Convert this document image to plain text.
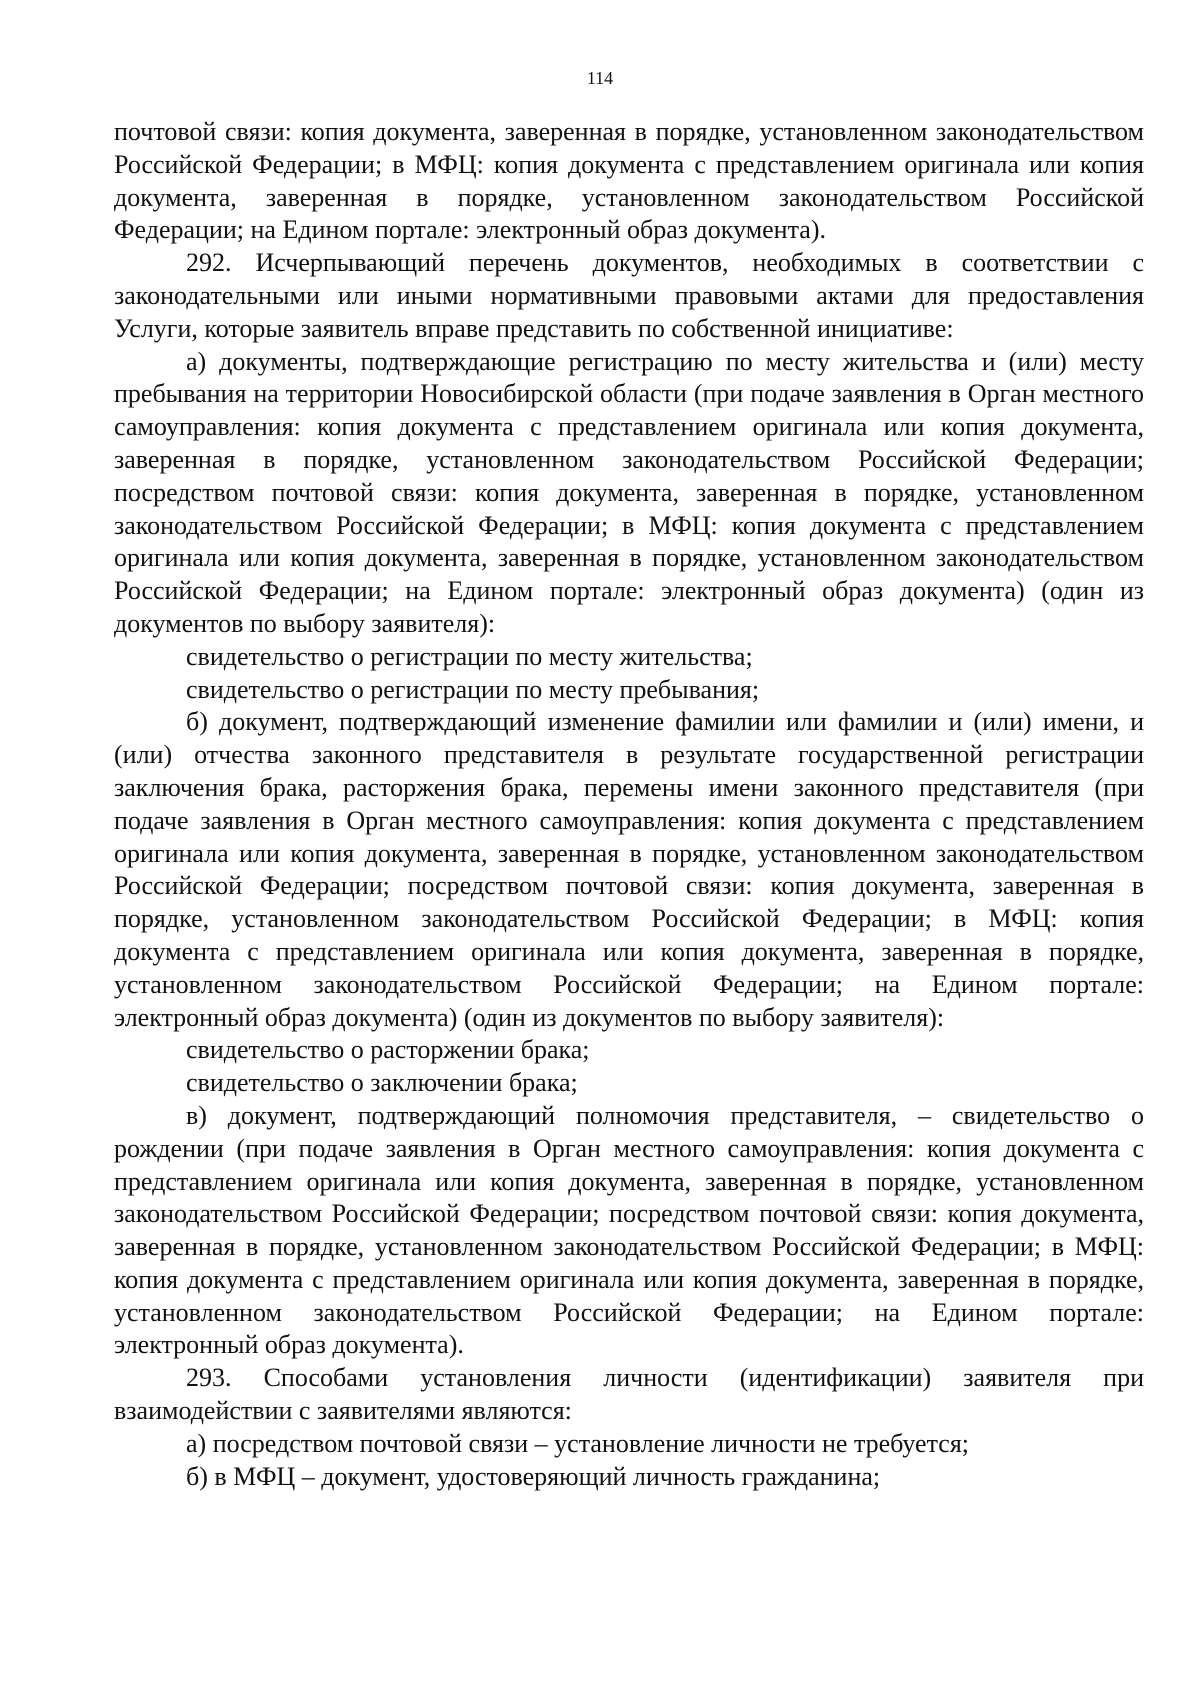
114

почтовой связи: копия документа, заверенная в порядке, установленном законодательством Российской Федерации; в МФЦ: копия документа с представлением оригинала или копия документа, заверенная в порядке, установленном законодательством Российской Федерации; на Едином портале: электронный образ документа).

292. Исчерпывающий перечень документов, необходимых в соответствии с законодательными или иными нормативными правовыми актами для предоставления Услуги, которые заявитель вправе представить по собственной инициативе:

а) документы, подтверждающие регистрацию по месту жительства и (или) месту пребывания на территории Новосибирской области (при подаче заявления в Орган местного самоуправления: копия документа с представлением оригинала или копия документа, заверенная в порядке, установленном законодательством Российской Федерации; посредством почтовой связи: копия документа, заверенная в порядке, установленном законодательством Российской Федерации; в МФЦ: копия документа с представлением оригинала или копия документа, заверенная в порядке, установленном законодательством Российской Федерации; на Едином портале: электронный образ документа) (один из документов по выбору заявителя):

свидетельство о регистрации по месту жительства;

свидетельство о регистрации по месту пребывания;

б) документ, подтверждающий изменение фамилии или фамилии и (или) имени, и (или) отчества законного представителя в результате государственной регистрации заключения брака, расторжения брака, перемены имени законного представителя (при подаче заявления в Орган местного самоуправления: копия документа с представлением оригинала или копия документа, заверенная в порядке, установленном законодательством Российской Федерации; посредством почтовой связи: копия документа, заверенная в порядке, установленном законодательством Российской Федерации; в МФЦ: копия документа с представлением оригинала или копия документа, заверенная в порядке, установленном законодательством Российской Федерации; на Едином портале: электронный образ документа) (один из документов по выбору заявителя):

свидетельство о расторжении брака;

свидетельство о заключении брака;

в) документ, подтверждающий полномочия представителя, – свидетельство о рождении (при подаче заявления в Орган местного самоуправления: копия документа с представлением оригинала или копия документа, заверенная в порядке, установленном законодательством Российской Федерации; посредством почтовой связи: копия документа, заверенная в порядке, установленном законодательством Российской Федерации; в МФЦ: копия документа с представлением оригинала или копия документа, заверенная в порядке, установленном законодательством Российской Федерации; на Едином портале: электронный образ документа).

293. Способами установления личности (идентификации) заявителя при взаимодействии с заявителями являются:

а) посредством почтовой связи – установление личности не требуется;

б) в МФЦ – документ, удостоверяющий личность гражданина;
